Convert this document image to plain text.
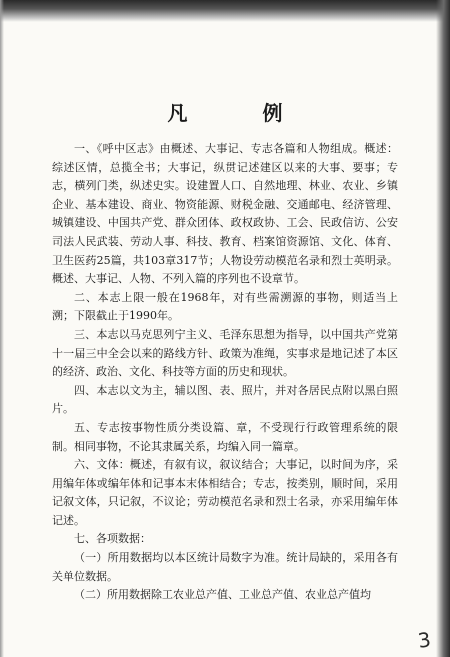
凡 例

一、《呼中区志》由概述、大事记、专志各篇和人物组成。概述：综述区情，总揽全书；大事记，纵贯记述建区以来的大事、要事；专志，横列门类，纵述史实。设建置人口、自然地理、林业、农业、乡镇企业、基本建设、商业、物资能源、财税金融、交通邮电、经济管理、城镇建设、中国共产党、群众团体、政权政协、工会、民政信访、公安司法人民武装、劳动人事、科技、教育、档案馆资源馆、文化、体育、卫生医药25篇，共103章317节；人物设劳动模范名录和烈士英明录。概述、大事记、人物、不列入篇的序列也不设章节。

二、本志上限一般在1968年，对有些需溯源的事物，则适当上溯；下限截止于1990年。

三、本志以马克思列宁主义、毛泽东思想为指导，以中国共产党第十一届三中全会以来的路线方针、政策为准绳，实事求是地记述了本区的经济、政治、文化、科技等方面的历史和现状。

四、本志以文为主，辅以图、表、照片，并对各居民点附以黑白照片。

五、专志按事物性质分类设篇、章，不受现行行政管理系统的限制。相同事物，不论其隶属关系，均编入同一篇章。

六、文体：概述，有叙有议，叙议结合；大事记，以时间为序，采用编年体或编年体和记事本末体相结合；专志，按类别，顺时间，采用记叙文体，只记叙，不议论；劳动模范名录和烈士名录，亦采用编年体记述。

七、各项数据：

（一）所用数据均以本区统计局数字为准。统计局缺的，采用各有关单位数据。

（二）所用数据除工农业总产值、工业总产值、农业总产值均

3
